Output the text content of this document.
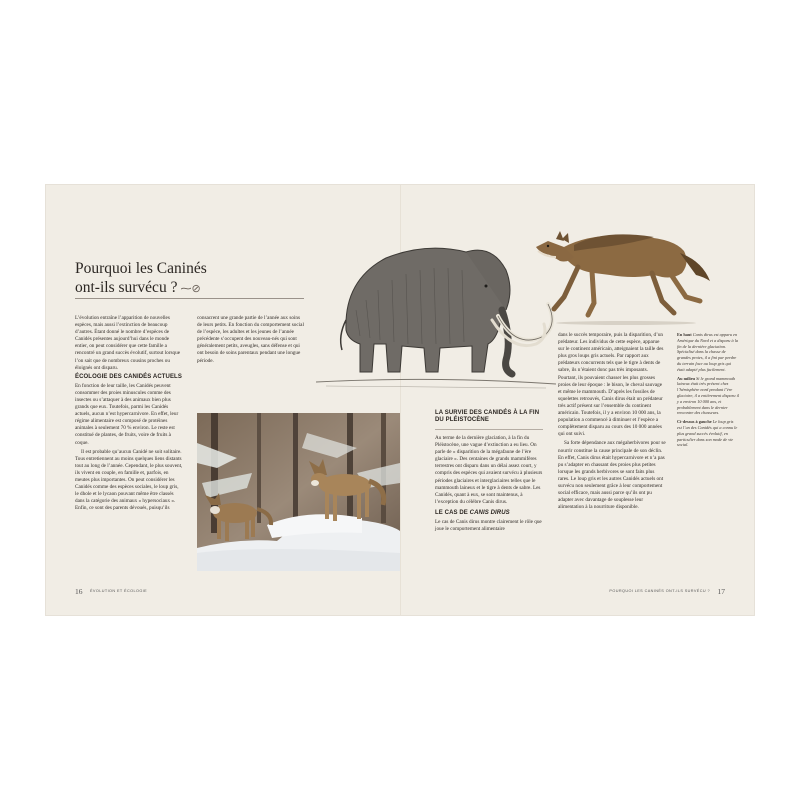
Pourquoi les Caninés
ont-ils survécu ? ⁓⊘

L’évolution entraîne l’apparition de nouvelles espèces, mais aussi l’extinction de beaucoup d’autres. Étant donné le nombre d’espèces de Canidés présentes aujourd’hui dans le monde entier, on peut considérer que cette famille a rencontré un grand succès évolutif, surtout lorsque l’on sait que de nombreux cousins proches ou éloignés ont disparu.

ÉCOLOGIE DES CANIDÉS ACTUELS

En fonction de leur taille, les Canidés peuvent consommer des proies minuscules comme des insectes ou s’attaquer à des animaux bien plus grands que eux. Toutefois, parmi les Canidés actuels, aucun n’est hypercarnivore. En effet, leur régime alimentaire est composé de protéines animales à seulement 70 % environ. Le reste est constitué de plantes, de fruits, voire de fruits à coque.

Il est probable qu’aucun Canidé ne soit solitaire. Tous entretiennent au moins quelques liens distants tout au long de l’année. Cependant, le plus souvent, ils vivent en couple, en famille et, parfois, en meutes plus importantes. On peut considérer les Canidés comme des espèces sociales, le loup gris, le dhole et le lycaon pouvant même être classés dans la catégorie des animaux « hypersociaux ». Enfin, ce sont des parents dévoués, puisqu’ils

consacrent une grande partie de l’année aux soins de leurs petits. En fonction du comportement social de l’espèce, les adultes et les jeunes de l’année précédente s’occupent des nouveau-nés qui sont généralement petits, aveugles, sans défense et qui ont besoin de soins parentaux pendant une longue période.

LA SURVIE DES CANIDÉS À LA FIN DU PLÉISTOCÈNE

Au terme de la dernière glaciation, à la fin du Pléistocène, une vague d’extinction a eu lieu. On parle de « disparition de la mégafaune de l’ère glaciaire ». Des centaines de grands mammifères terrestres ont disparu dans un délai assez court, y compris des espèces qui avaient survécu à plusieurs périodes glaciaires et interglaciaires telles que le mammouth laineux et le tigre à dents de sabre. Les Canidés, quant à eux, se sont maintenus, à l’exception du célèbre Canis dirus.

LE CAS DE CANIS DIRUS

Le cas de Canis dirus montre clairement le rôle que joue le comportement alimentaire

dans le succès temporaire, puis la disparition, d’un prédateur. Les individus de cette espèce, apparue sur le continent américain, atteignaient la taille des plus gros loups gris actuels. Par rapport aux prédateurs concurrents tels que le tigre à dents de sabre, ils n’étaient donc pas très imposants. Pourtant, ils pouvaient chasser les plus grosses proies de leur époque : le bison, le cheval sauvage et même le mammouth. D’après les fossiles de squelettes retrouvés, Canis dirus était un prédateur très actif présent sur l’ensemble du continent américain. Toutefois, il y a environ 10 000 ans, la population a commencé à diminuer et l’espèce a complètement disparu au cours des 10 000 années qui ont suivi.

Sa forte dépendance aux mégaherbivores pour se nourrir constitue la cause principale de son déclin. En effet, Canis dirus était hypercarnivore et n’a pas pu s’adapter en chassant des proies plus petites lorsque les grands herbivores se sont faits plus rares. Le loup gris et les autres Canidés actuels ont survécu non seulement grâce à leur comportement social efficace, mais aussi parce qu’ils ont pu adapter avec davantage de souplesse leur alimentation à la nourriture disponible.

En haut Canis dirus est apparu en Amérique du Nord et a disparu à la fin de la dernière glaciation. Spécialisé dans la chasse de grandes proies, il a fini par perdre du terrain face au loup gris qui était adapté plus facilement.

Au milieu Si le grand mammouth laineux était très présent chez l’hémisphère nord pendant l’ère glaciaire, il a entièrement disparu il y a environ 10 000 ans, et probablement dans le dernier rencontre des chasseurs.

Ci-dessus à gauche Le loup gris est l’un des Canidés qui a connu le plus grand succès évolutif, en particulier dans son mode de vie social.

16 ÉVOLUTION ET ÉCOLOGIE	POURQUOI LES CANINÉS ONT-ILS SURVÉCU ? 17
